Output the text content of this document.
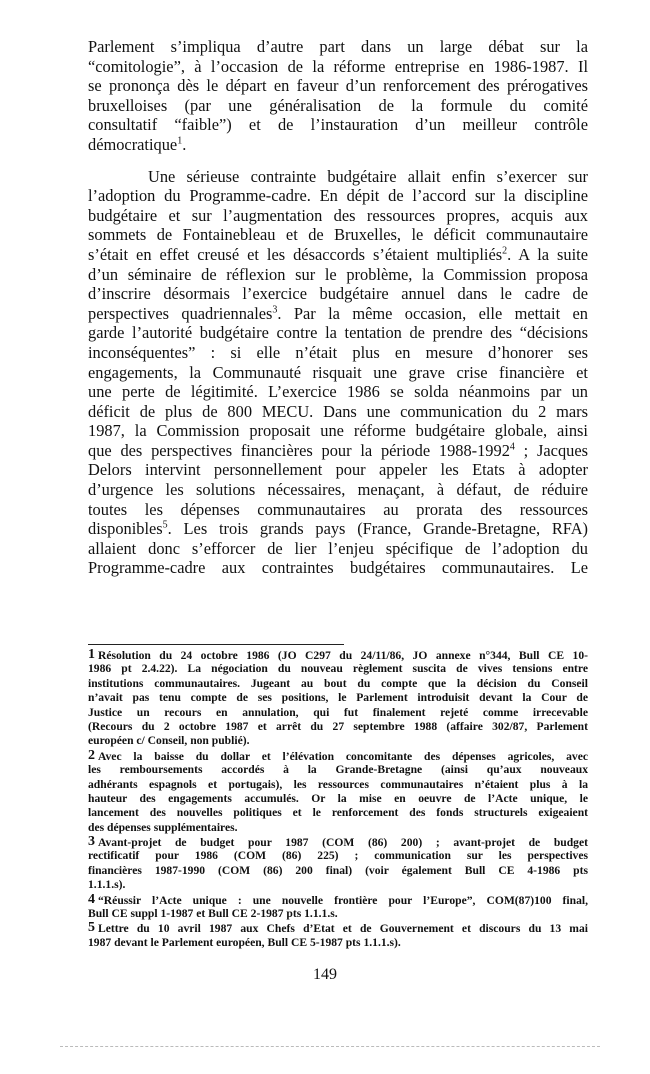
Parlement s’impliqua d’autre part dans un large débat sur la
“comitologie”, à l’occasion de la réforme entreprise en 1986-1987. Il
se prononça dès le départ en faveur d’un renforcement des prérogatives
bruxelloises (par une généralisation de la formule du comité
consultatif “faible”) et de l’instauration d’un meilleur contrôle
démocratique$^1$.
Une sérieuse contrainte budgétaire allait enfin s’exercer sur
l’adoption du Programme-cadre. En dépit de l’accord sur la discipline
budgétaire et sur l’augmentation des ressources propres, acquis aux
sommets de Fontainebleau et de Bruxelles, le déficit communautaire
s’était en effet creusé et les désaccords s’étaient multipliés$^2$. A la suite
d’un séminaire de réflexion sur le problème, la Commission proposa
d’inscrire désormais l’exercice budgétaire annuel dans le cadre de
perspectives quadriennales$^3$. Par la même occasion, elle mettait en
garde l’autorité budgétaire contre la tentation de prendre des “décisions
inconséquentes” : si elle n’était plus en mesure d’honorer ses
engagements, la Communauté risquait une grave crise financière et
une perte de légitimité. L’exercice 1986 se solda néanmoins par un
déficit de plus de 800 MECU. Dans une communication du 2 mars
1987, la Commission proposait une réforme budgétaire globale, ainsi
que des perspectives financières pour la période 1988-1992$^4$ ; Jacques
Delors intervint personnellement pour appeler les Etats à adopter
d’urgence les solutions nécessaires, menaçant, à défaut, de réduire
toutes les dépenses communautaires au prorata des ressources
disponibles$^5$. Les trois grands pays (France, Grande-Bretagne, RFA)
allaient donc s’efforcer de lier l’enjeu spécifique de l’adoption du
Programme-cadre aux contraintes budgétaires communautaires. Le
1 Résolution du 24 octobre 1986 (JO C297 du 24/11/86, JO annexe n°344, Bull CE 10-
1986 pt 2.4.22). La négociation du nouveau règlement suscita de vives tensions entre
institutions communautaires. Jugeant au bout du compte que la décision du Conseil
n’avait pas tenu compte de ses positions, le Parlement introduisit devant la Cour de
Justice un recours en annulation, qui fut finalement rejeté comme irrecevable
(Recours du 2 octobre 1987 et arrêt du 27 septembre 1988 (affaire 302/87, Parlement
européen c/ Conseil, non publié).
2 Avec la baisse du dollar et l’élévation concomitante des dépenses agricoles, avec
les remboursements accordés à la Grande-Bretagne (ainsi qu’aux nouveaux
adhérants espagnols et portugais), les ressources communautaires n’étaient plus à la
hauteur des engagements accumulés. Or la mise en oeuvre de l’Acte unique, le
lancement des nouvelles politiques et le renforcement des fonds structurels exigeaient
des dépenses supplémentaires.
3 Avant-projet de budget pour 1987 (COM (86) 200) ; avant-projet de budget
rectificatif pour 1986 (COM (86) 225) ; communication sur les perspectives
financières 1987-1990 (COM (86) 200 final) (voir également Bull CE 4-1986 pts
1.1.1.s).
4 “Réussir l’Acte unique : une nouvelle frontière pour l’Europe”, COM(87)100 final,
Bull CE suppl 1-1987 et Bull CE 2-1987 pts 1.1.1.s.
5 Lettre du 10 avril 1987 aux Chefs d’Etat et de Gouvernement et discours du 13 mai
1987 devant le Parlement européen, Bull CE 5-1987 pts 1.1.1.s).
149
